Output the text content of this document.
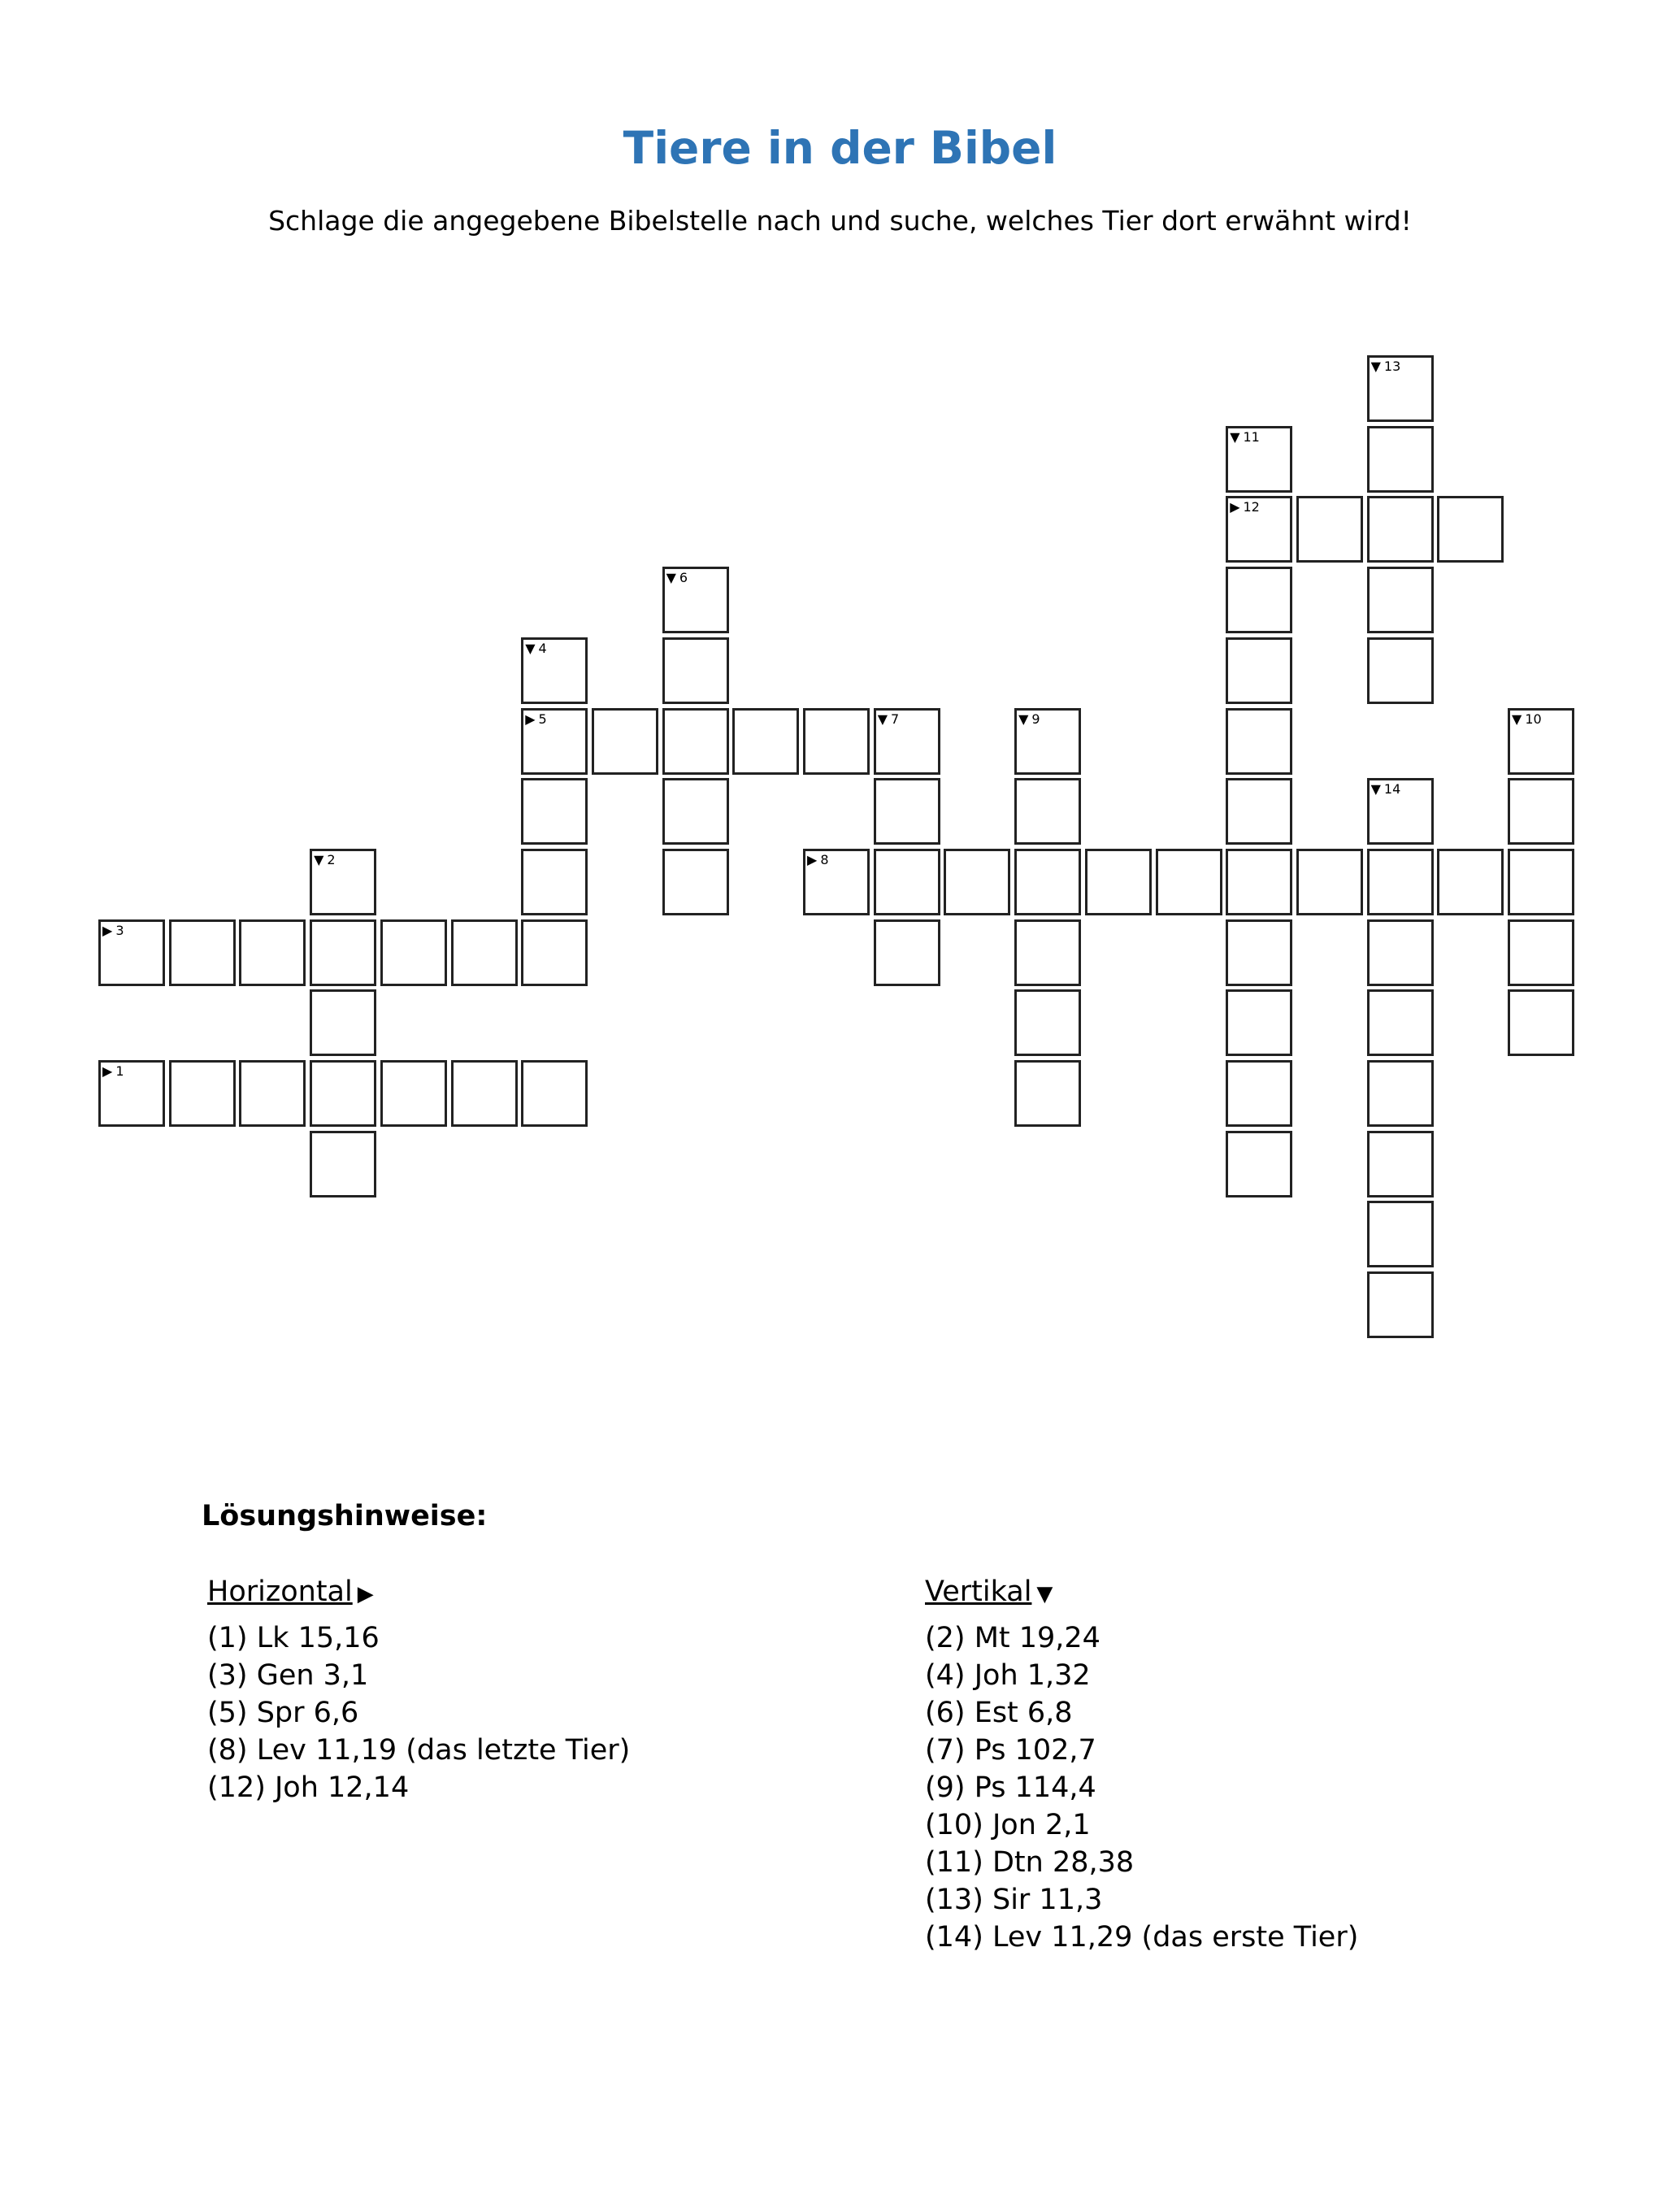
Tiere in der Bibel

Schlage die angegebene Bibelstelle nach und suche, welches Tier dort erwähnt wird!

▼ 13
▼ 11
▶ 12
▼ 6
▼ 4
▶ 5	▼ 7	▼ 9	▼ 10
▼ 14
▼ 2	▶ 8
▶ 3
▶ 1
Lösungshinweise:
Horizontal ▶
(1) Lk 15,16
(3) Gen 3,1
(5) Spr 6,6
(8) Lev 11,19 (das letzte Tier)
(12) Joh 12,14
Vertikal ▼
(2) Mt 19,24
(4) Joh 1,32
(6) Est 6,8
(7) Ps 102,7
(9) Ps 114,4
(10) Jon 2,1
(11) Dtn 28,38
(13) Sir 11,3
(14) Lev 11,29 (das erste Tier)
